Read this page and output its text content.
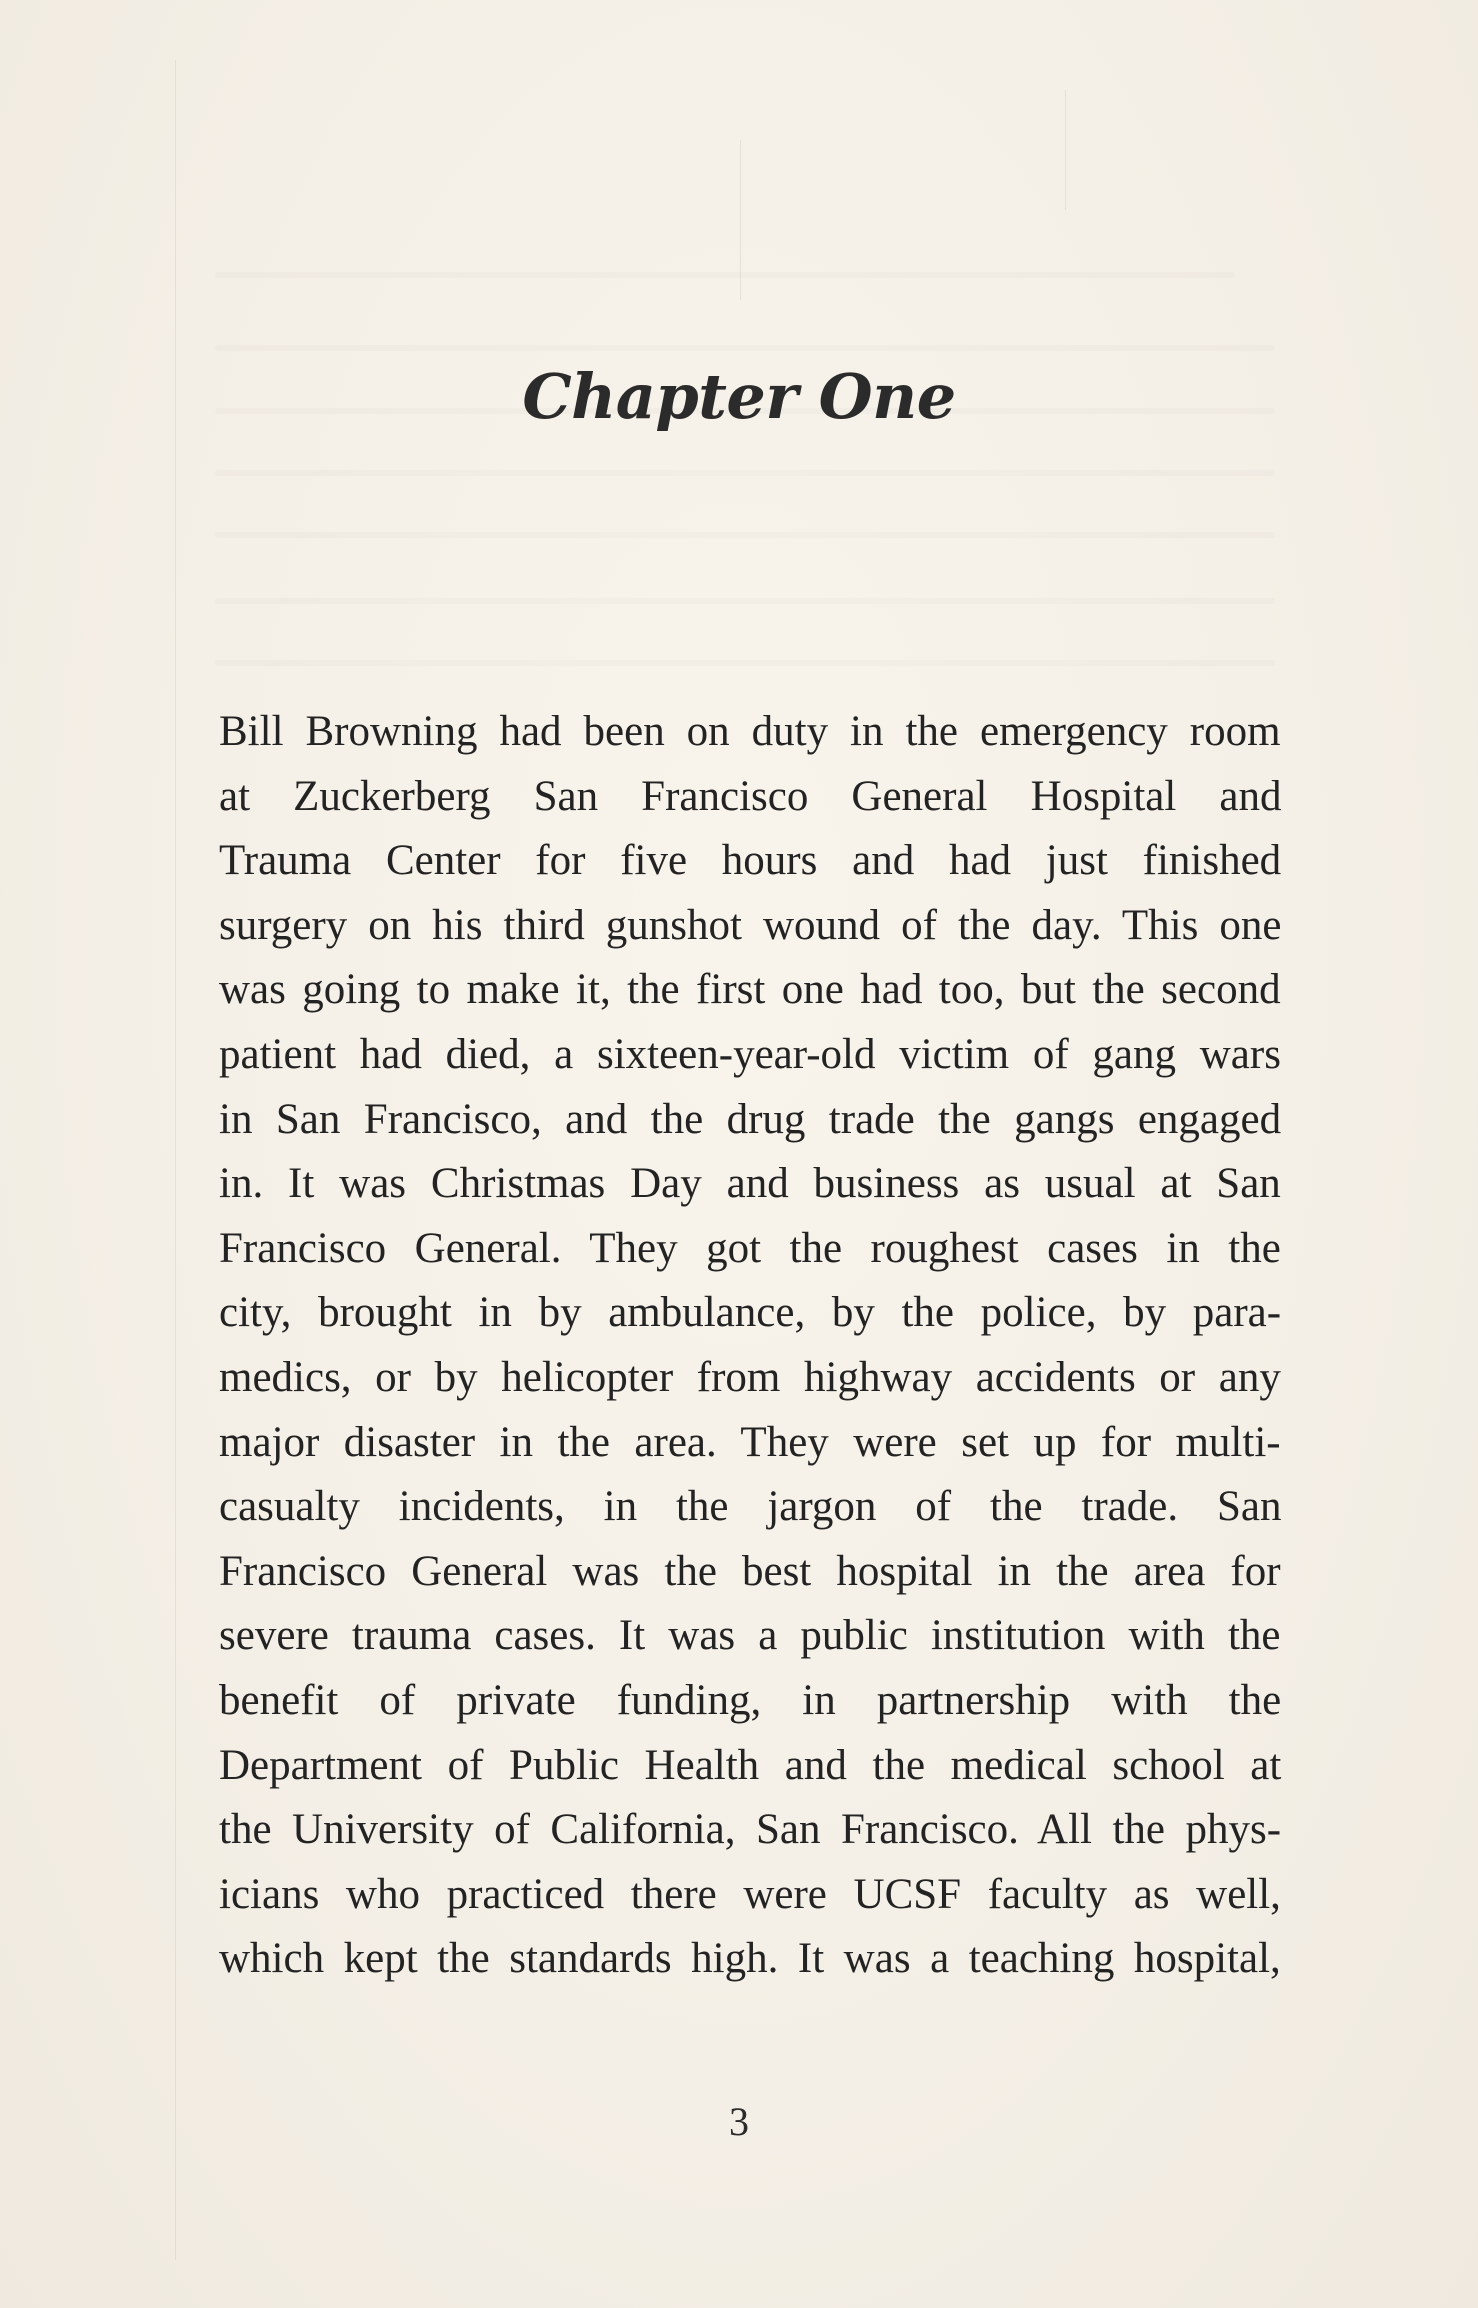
Chapter One
Bill Browning had been on duty in the emergency room
at Zuckerberg San Francisco General Hospital and
Trauma Center for five hours and had just finished
surgery on his third gunshot wound of the day. This one
was going to make it, the first one had too, but the second
patient had died, a sixteen-year-old victim of gang wars
in San Francisco, and the drug trade the gangs engaged
in. It was Christmas Day and business as usual at San
Francisco General. They got the roughest cases in the
city, brought in by ambulance, by the police, by para-
medics, or by helicopter from highway accidents or any
major disaster in the area. They were set up for multi-
casualty incidents, in the jargon of the trade. San
Francisco General was the best hospital in the area for
severe trauma cases. It was a public institution with the
benefit of private funding, in partnership with the
Department of Public Health and the medical school at
the University of California, San Francisco. All the phys-
icians who practiced there were UCSF faculty as well,
which kept the standards high. It was a teaching hospital,
3
